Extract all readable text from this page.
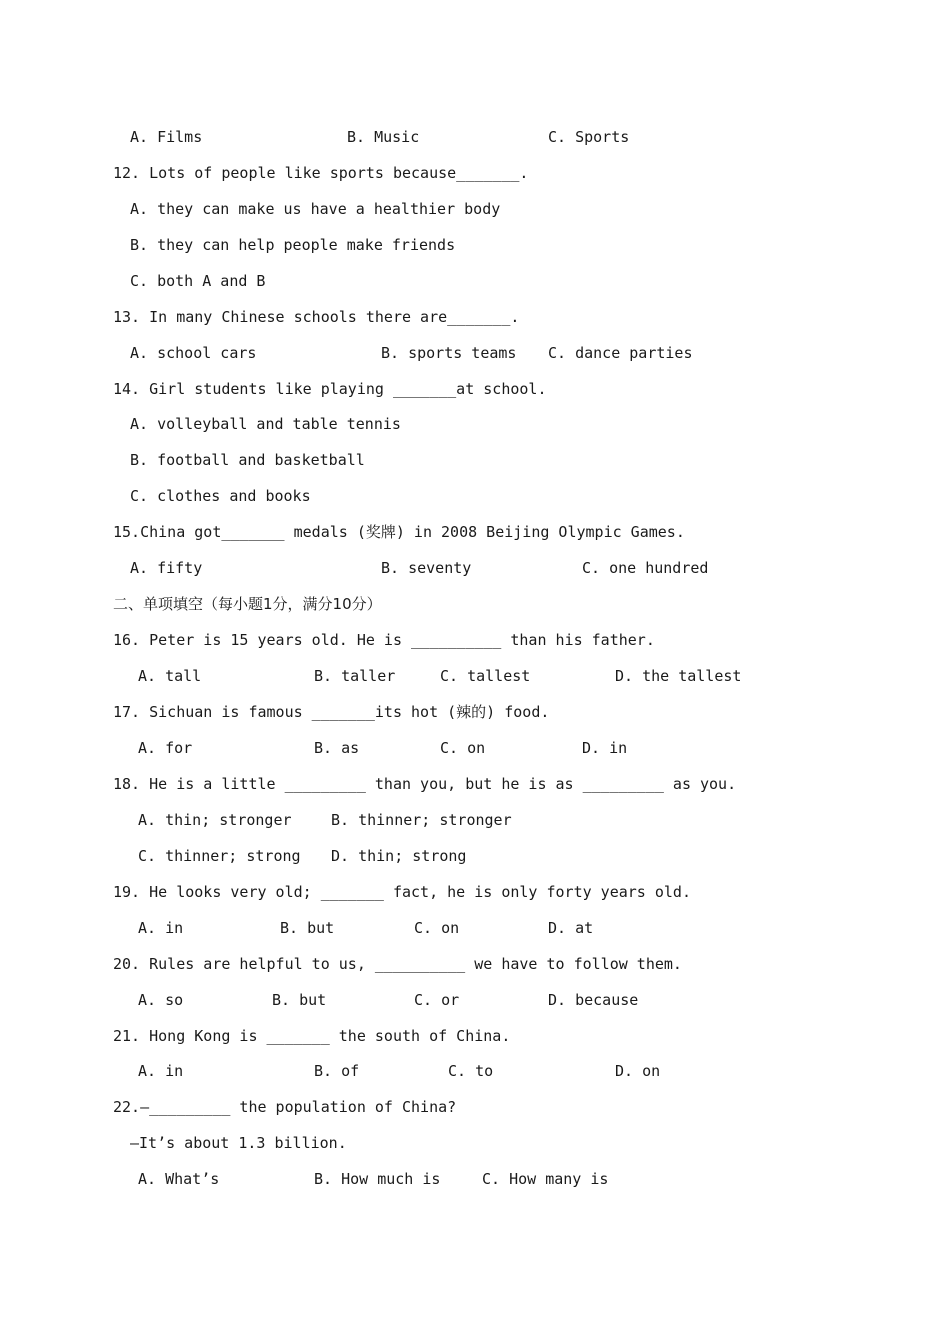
A. Films	B. Music	C. Sports
12. Lots of people like sports because_______.
A. they can make us have a healthier body
B. they can help people make friends
C. both A and B
13. In many Chinese schools there are_______.
A. school cars	B. sports teams C. dance parties
14. Girl students like playing _______at school.
A. volleyball and table tennis
B. football and basketball
C. clothes and books
15.China got_______ medals (奖牌) in 2008 Beijing Olympic Games.
A. fifty	B. seventy	C. one hundred
二、单项填空（每小题1分，满分10分）
16. Peter is 15 years old. He is __________ than his father.
A. tall	B. taller	C. tallest	D. the tallest
17. Sichuan is famous _______its hot (辣的) food.
A. for	B. as	C. on	D. in
18. He is a little _________ than you, but he is as _________ as you.
A. thin; stronger	B. thinner; stronger
C. thinner; strong D. thin; strong
19. He looks very old; _______ fact, he is only forty years old.
A. in	B. but	C. on	D. at
20. Rules are helpful to us, __________ we have to follow them.
A. so	B. but	C. or	D. because
21. Hong Kong is _______ the south of China.
A. in	B. of	C. to	D. on
22.—_________ the population of China?
—It’s about 1.3 billion.
A. What’s	B. How much is	C. How many is
